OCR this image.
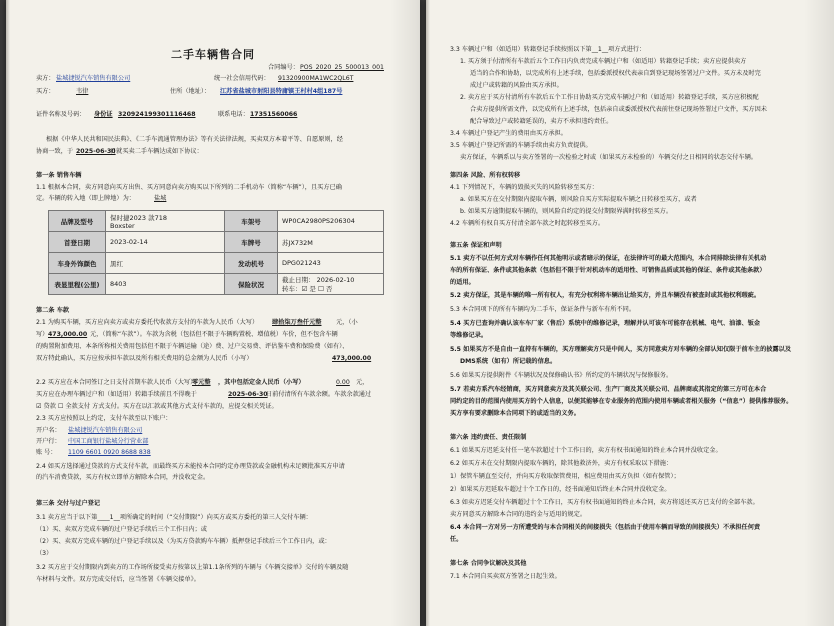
二手车辆售合同
合同编号： POS_2020_25_500013_001
卖方： 盐城捷锐汽车销售有限公司	统一社会信用代码： 91320900MA1WC2QL6T
买方：	韦律	住所（地址）： 江苏省盐城市射阳县特庸镇王村村4组187号
证件名称及号码： 身份证 320924199301116468	联系电话： 17351560066
根据《中华人民共和国民法典》、《二手车流通管理办法》等有关法律法规，买卖双方本着平等、自愿原则，经
协商一致，于 2025-06-30
日就买卖二手车辆达成如下协议：
第一条 销售车辆
1.1 根据本合同，卖方同意向买方出售、买方同意向卖方购买以下所列的二手机动车（简称“车辆”），且买方已确
定。车辆的转入地（即上牌地）为：	盐城
品牌及型号	保时捷2023 款718
Boxster	车架号	WP0CA2980PS206304
首登日期	2023-02-14	车牌号	苏JX732M
车身外饰颜色	黑红	发动机号	DPG021243
表显里程(公里)	8403	保险状况	截止日期： 2026-02-10
转车：☑ 是 ☐ 否
第二条 车款
2.1 为购买车辆，买方应向卖方或卖方委托代收款方支付的车款为人民币（大写） 肆拾柒万叁仟元整 元，（小
写） 473,000.00 元，（简称“车款”）。车款为含税（包括但不限于车辆购置税、增值税）车价，但不包含车辆
的购置附加费用、本条所称相关费用包括但不限于车辆运输（途）费、过户交易费、评估鉴车费和保险费（如有）、
双方特此确认，买方应按承担车款以及所有相关费用的总金额为人民币（小写）	473,000.00
2.2 买方应在本合同签订之日支付首期车款人民币（大写）
零元整 ，其中包括定金人民币（小写）	0.00 元，
买方应在办理车辆过户和（如适用）转籍手续前且不得晚于	2025-06-30
日前付清所有车款余额。车款余款通过
☑ 贷款 ☐ 全款支付 方式支付。买方在以汇款或其他方式支付车款的，应提交相关凭证。
2.3 买方应按照以上约定，支付车款至以下账户：
开户名： 盐城捷锐汽车销售有限公司
开户行： 中国工商银行盐城分行营业部
账 号： 1109 6601 0920 8688 838
2.4 如买方选择通过贷款的方式支付车款，而最终买方未能按本合同约定办理贷款或金融机构未足额批准买方申请
的汽车消费贷款，买方有权立即单方解除本合同，并没收定金。
第三条 交付与过户登记
3.1 卖方应当于以下第____1__项所确定的时间（“交付期限”）向买方或买方委托的第三人交付车辆：
（1）买、卖双方完成车辆的过户登记手续后三个工作日内；或
（2）买、卖双方完成车辆的过户登记手续以及（为买方贷款购车车辆）抵押登记手续后三个工作日内，或：
（3）
3.2 买方应于交付期限内到卖方的工作场所接受卖方按第以上第1.1条所列的车辆与《车辆交接单》交付的车辆及随
车材料与文件。双方完成交付后，应当签署《车辆交接单》。
3.3 车辆过户和（如适用）转籍登记手续按照以下第__1__项方式进行：
1. 买方须于付清所有车款后五个工作日内负责完成车辆过户和（如适用）转籍登记手续；卖方应提供卖方
适当的合作和协助，以完成所有上述手续，包括委派授权代表亲自到登记现场签署过户文件。买方未及时完
成过户或转籍的风险由买方承担。
2. 卖方应于买方付清所有车款后五个工作日协助买方完成车辆过户和（如适用）转籍登记手续，买方应积极配
合卖方提供所需文件，以完成所有上述手续，包括亲自或委派授权代表前往登记现场签署过户文件，买方因未
配合导致过户或转籍延误的，卖方不承担违约责任。
3.4 车辆过户登记产生的费用由买方承担。
3.5 车辆过户登记所需的车辆手续由卖方负责提供。
卖方保证，车辆系以与卖方签署的一次检验之时或（如果买方未检验的）车辆交付之日相同的状态交付车辆。
第四条 风险、所有权转移
4.1 下列情况下，车辆的毁损灭失的风险转移至买方：
a. 如果买方在交付期限内提取车辆，则风险自买方实际提取车辆之日转移至买方，或者
b. 如果买方逾期提取车辆的，则风险自约定的提交付期限界满时转移至买方。
4.2 车辆所有权自买方付清全部车款之时起转移至买方。
第五条 保证和声明
5.1 卖方不以任何方式对车辆作任何其他明示或者暗示的保证，在法律许可的最大范围内，本合同排除法律有关机动
车的所有保证、条件或其他条款（包括但不限于针对机动车的适用性、可销售品质或其他的保证、条件或其他条款）
的适用。
5.2 卖方保证，其是车辆的唯一所有权人，有充分权利将车辆出让给买方，并且车辆没有被查封或其他权利瑕疵。
5.3 本合同项下的所有车辆均为二手车，保证条件与新车有所不同。
5.4 买方已查询并确认该车车厂家（售后）系统中的维修记录，理解并认可该车可能存在机械、电气、油漆、钣金
等维修记录。
5.5 如果买方不是自由一直持有车辆的，买方理解卖方只是中间人，买方同意卖方对车辆的全部认知仅限于前车主的披露以及
DMS系统（如有）所记载的信息。
5.6 如果买方提供附件《车辆状况及保修确认书》所约定的车辆状况与保修服务。
5.7 若卖方系汽车经销商，买方同意卖方及其关联公司、生产厂商及其关联公司、品牌商或其指定的第三方可在本合
同约定的目的范围内使用买方的个人信息，以便其能够在专业服务的范围内使用车辆或者相关服务（“信息”）提供推荐服务。
买方享有要求删除本合同项下的或适当的义务。
第六条 违约责任、责任限制
6.1 如果买方迟延支付任一笔车款超过十个工作日的，卖方有权书面通知的终止本合同并没收定金。
6.2 如买方未在交付期限内提取车辆的，除其他救济外，卖方有权采取以下措施：
1）保管车辆直至交付，并向买方收取保管费用，相应费用由买方负担（如有保管）；
2）如果买方迟延取车超过十个工作日的，经书面通知后终止本合同并没收定金。
6.3 如卖方迟延交付车辆超过十个工作日，买方有权书面通知的终止本合同，卖方将返还买方已支付的全部车款。
卖方同意买方解除本合同的违约金与适用的规定。
6.4 本合同一方对另一方所遭受的与本合同相关的间接损失（包括由于使用车辆而导致的间接损失）不承担任何责
任。
第七条 合同争议解决及其他
7.1 本合同自买卖双方签署之日起生效。
